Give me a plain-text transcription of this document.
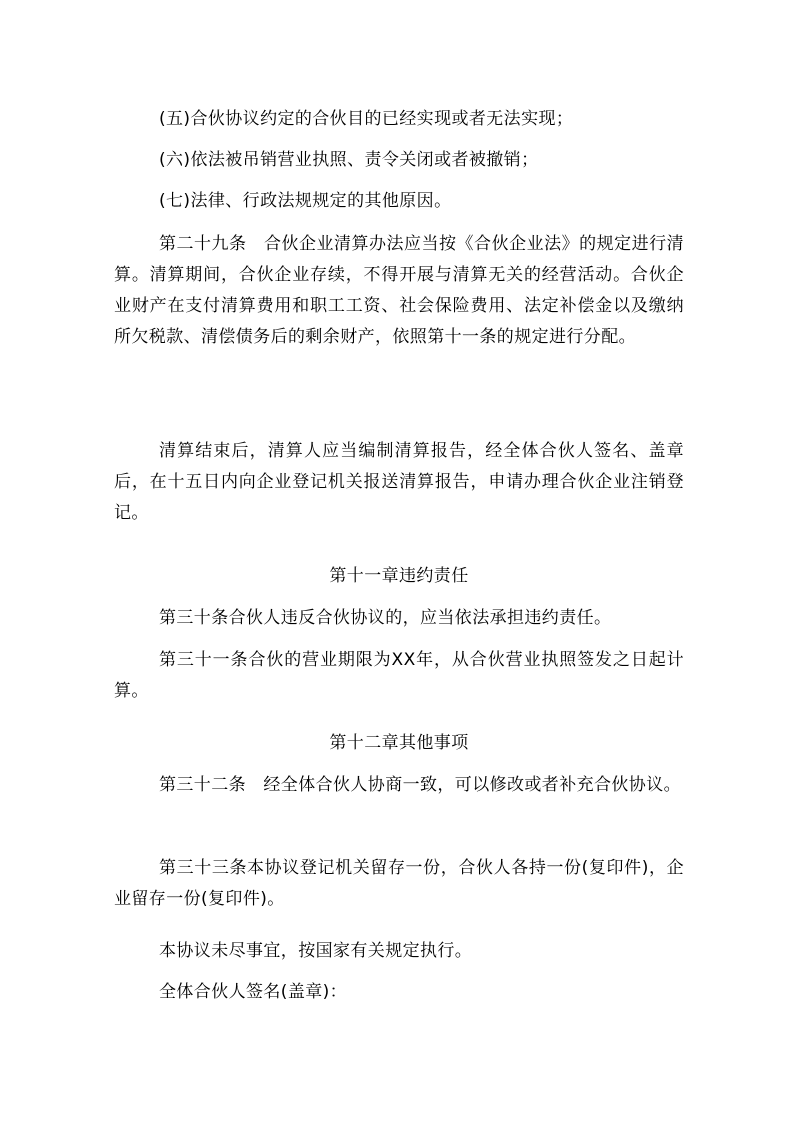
(五)合伙协议约定的合伙目的已经实现或者无法实现；

(六)依法被吊销营业执照、责令关闭或者被撤销；

(七)法律、行政法规规定的其他原因。

第二十九条　合伙企业清算办法应当按《合伙企业法》的规定进行清算。清算期间，合伙企业存续，不得开展与清算无关的经营活动。合伙企业财产在支付清算费用和职工工资、社会保险费用、法定补偿金以及缴纳所欠税款、清偿债务后的剩余财产，依照第十一条的规定进行分配。

清算结束后，清算人应当编制清算报告，经全体合伙人签名、盖章后，在十五日内向企业登记机关报送清算报告，申请办理合伙企业注销登记。

第十一章违约责任

第三十条合伙人违反合伙协议的，应当依法承担违约责任。

第三十一条合伙的营业期限为XX年，从合伙营业执照签发之日起计算。

第十二章其他事项

第三十二条　经全体合伙人协商一致，可以修改或者补充合伙协议。

第三十三条本协议登记机关留存一份，合伙人各持一份(复印件)，企业留存一份(复印件)。

本协议未尽事宜，按国家有关规定执行。

全体合伙人签名(盖章)：
